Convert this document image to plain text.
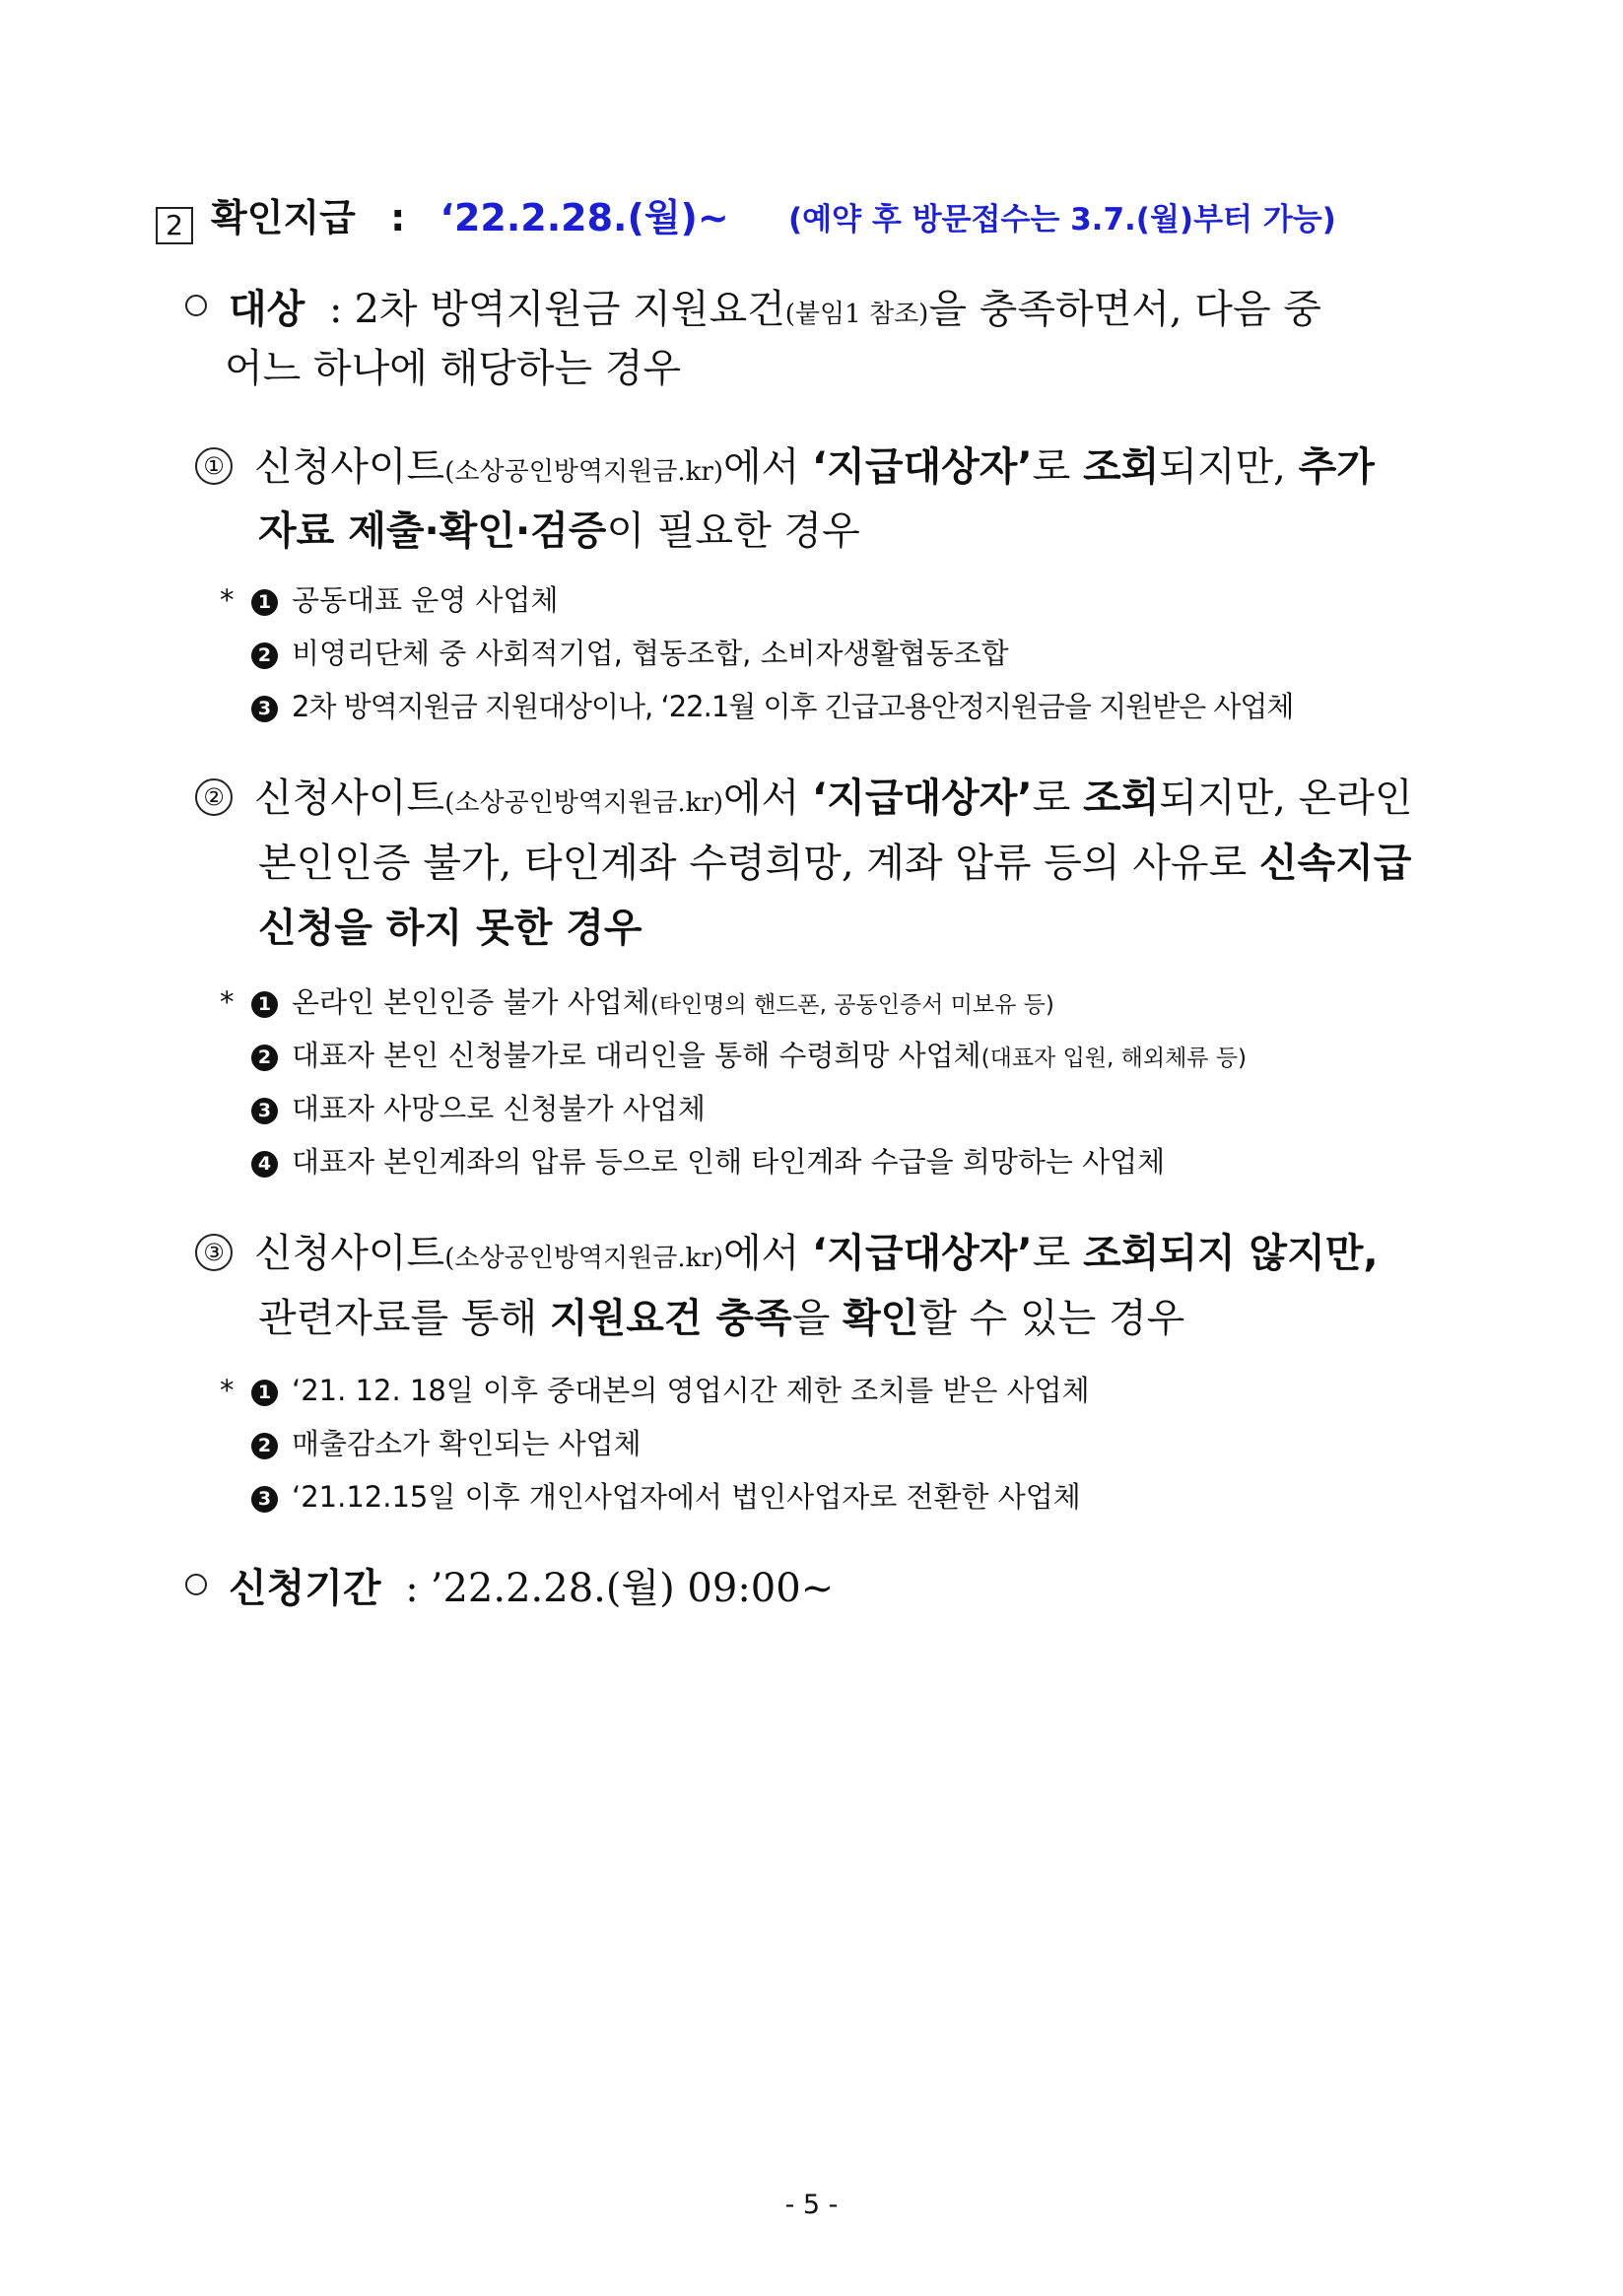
2 확인지급 : ‘22.2.28.(월)~ (예약 후 방문접수는 3.7.(월)부터 가능)
대상 : 2차 방역지원금 지원요건(붙임1 참조)을 충족하면서, 다음 중
어느 하나에 해당하는 경우
① 신청사이트(소상공인방역지원금.kr)에서 ‘지급대상자’로 조회되지만, 추가
자료 제출·확인·검증이 필요한 경우
*	1 공동대표 운영 사업체
2 비영리단체 중 사회적기업, 협동조합, 소비자생활협동조합
3 2차 방역지원금 지원대상이나, ‘22.1월 이후 긴급고용안정지원금을 지원받은 사업체
② 신청사이트(소상공인방역지원금.kr)에서 ‘지급대상자’로 조회되지만, 온라인
본인인증 불가, 타인계좌 수령희망, 계좌 압류 등의 사유로 신속지급
신청을 하지 못한 경우
*	1 온라인 본인인증 불가 사업체(타인명의 핸드폰, 공동인증서 미보유 등)
2 대표자 본인 신청불가로 대리인을 통해 수령희망 사업체(대표자 입원, 해외체류 등)
3 대표자 사망으로 신청불가 사업체
4 대표자 본인계좌의 압류 등으로 인해 타인계좌 수급을 희망하는 사업체
③ 신청사이트(소상공인방역지원금.kr)에서 ‘지급대상자’로 조회되지 않지만,
관련자료를 통해 지원요건 충족을 확인할 수 있는 경우
*	1 ‘21. 12. 18일 이후 중대본의 영업시간 제한 조치를 받은 사업체
2 매출감소가 확인되는 사업체
3 ‘21.12.15일 이후 개인사업자에서 법인사업자로 전환한 사업체
신청기간 : ’22.2.28.(월) 09:00~
- 5 -
